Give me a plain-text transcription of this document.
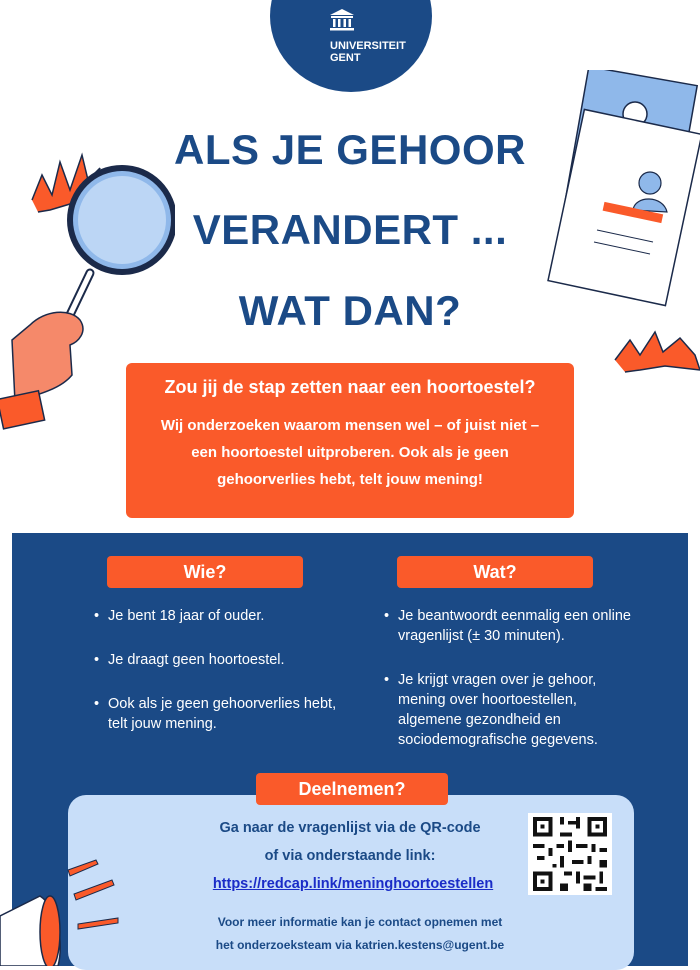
UNIVERSITEIT
GENT
ALS JE GEHOOR
VERANDERT ...
WAT DAN?
Zou jij de stap zetten naar een hoortoestel?
Wij onderzoeken waarom mensen wel – of juist niet –
een hoortoestel uitproberen. Ook als je geen
gehoorverlies hebt, telt jouw mening!
Wie?	Wat?
• Je bent 18 jaar of ouder.
• Je draagt geen hoortoestel.
• Ook als je geen gehoorverlies hebt, telt jouw mening.
• Je beantwoordt eenmalig een online vragenlijst (± 30 minuten).
• Je krijgt vragen over je gehoor, mening over hoortoestellen, algemene gezondheid en sociodemografische gegevens.
Deelnemen?
Ga naar de vragenlijst via de QR-code
of via onderstaande link:
https://redcap.link/meninghoortoestellen
Voor meer informatie kan je contact opnemen met
het onderzoeksteam via katrien.kestens@ugent.be
